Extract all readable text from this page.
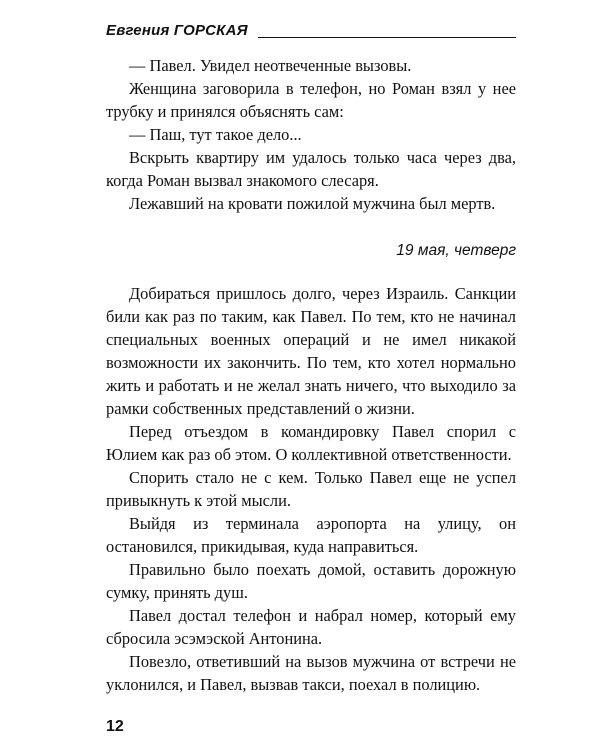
Евгения ГОРСКАЯ

— Павел. Увидел неотвеченные вызовы.

Женщина заговорила в телефон, но Роман взял у нее трубку и принялся объяснять сам:

— Паш, тут такое дело...

Вскрыть квартиру им удалось только часа через два, когда Роман вызвал знакомого слесаря.

Лежавший на кровати пожилой мужчина был мертв.

19 мая, четверг

Добираться пришлось долго, через Израиль. Санкции били как раз по таким, как Павел. По тем, кто не начинал специальных военных операций и не имел никакой возможности их закончить. По тем, кто хотел нормально жить и работать и не желал знать ничего, что выходило за рамки собственных представлений о жизни.

Перед отъездом в командировку Павел спорил с Юлием как раз об этом. О коллективной ответственности.

Спорить стало не с кем. Только Павел еще не успел привыкнуть к этой мысли.

Выйдя из терминала аэропорта на улицу, он остановился, прикидывая, куда направиться.

Правильно было поехать домой, оставить дорожную сумку, принять душ.

Павел достал телефон и набрал номер, который ему сбросила эсэмэской Антонина.

Повезло, ответивший на вызов мужчина от встречи не уклонился, и Павел, вызвав такси, поехал в полицию.

12
